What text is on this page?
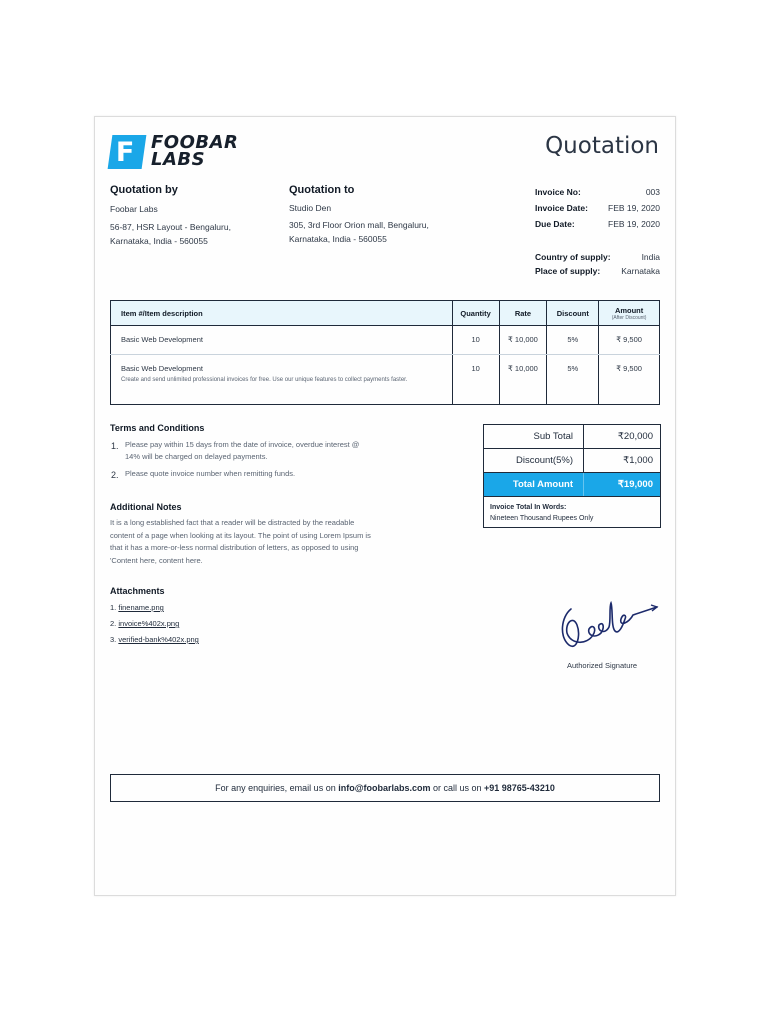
F FOOBAR
LABS
Quotation
Quotation by
Foobar Labs
56-87, HSR Layout - Bengaluru,
Karnataka, India - 560055
Quotation to
Studio Den
305, 3rd Floor Orion mall, Bengaluru,
Karnataka, India - 560055
Invoice No:	003
Invoice Date: FEB 19, 2020
Due Date:	FEB 19, 2020
Country of supply:	India
Place of supply: Karnataka
Item #/Item description	Quantity	Rate	Discount	Amount
(After Discount)

Basic Web Development	10	₹ 10,000	5%	₹ 9,500

Basic Web Development
Create and send unlimited professional invoices for free. Use our unique features to collect payments faster.	10	₹ 10,000	5%	₹ 9,500
Terms and Conditions
1. Please pay within 15 days from the date of invoice, overdue interest @ 14% will be charged on delayed payments.
2. Please quote invoice number when remitting funds.
Additional Notes
It is a long established fact that a reader will be distracted by the readable content of a page when looking at its layout. The point of using Lorem Ipsum is that it has a more-or-less normal distribution of letters, as opposed to using 'Content here, content here.
Sub Total	₹20,000
Discount(5%)	₹1,000
Total Amount	₹19,000
Invoice Total In Words:
Nineteen Thousand Rupees Only
Attachments
1. finename.png
2. invoice%402x.png
3. verified-bank%402x.png
Authorized Signature
For any enquiries, email us on info@foobarlabs.com or call us on +91 98765-43210
